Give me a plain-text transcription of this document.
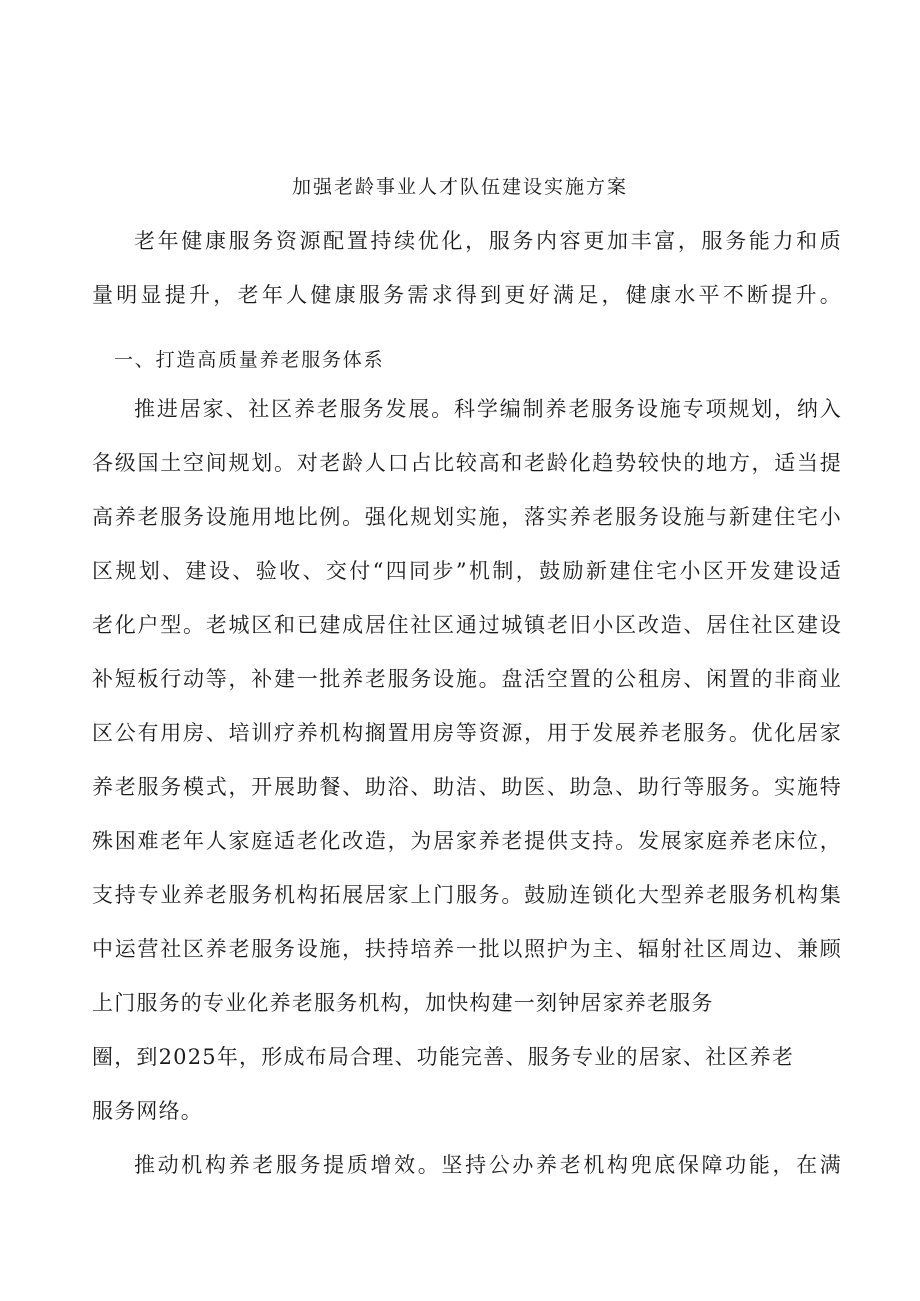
加强老龄事业人才队伍建设实施方案
老年健康服务资源配置持续优化，服务内容更加丰富，服务能力和质
量明显提升，老年人健康服务需求得到更好满足，健康水平不断提升。
一、打造高质量养老服务体系
推进居家、社区养老服务发展。科学编制养老服务设施专项规划，纳入
各级国土空间规划。对老龄人口占比较高和老龄化趋势较快的地方，适当提
高养老服务设施用地比例。强化规划实施，落实养老服务设施与新建住宅小
区规划、建设、验收、交付“四同步”机制，鼓励新建住宅小区开发建设适
老化户型。老城区和已建成居住社区通过城镇老旧小区改造、居住社区建设
补短板行动等，补建一批养老服务设施。盘活空置的公租房、闲置的非商业
区公有用房、培训疗养机构搁置用房等资源，用于发展养老服务。优化居家
养老服务模式，开展助餐、助浴、助洁、助医、助急、助行等服务。实施特
殊困难老年人家庭适老化改造，为居家养老提供支持。发展家庭养老床位，
支持专业养老服务机构拓展居家上门服务。鼓励连锁化大型养老服务机构集
中运营社区养老服务设施，扶持培养一批以照护为主、辐射社区周边、兼顾
上门服务的专业化养老服务机构，加快构建一刻钟居家养老服务
圈，到2025年，形成布局合理、功能完善、服务专业的居家、社区养老
服务网络。
推动机构养老服务提质增效。坚持公办养老机构兜底保障功能，在满
